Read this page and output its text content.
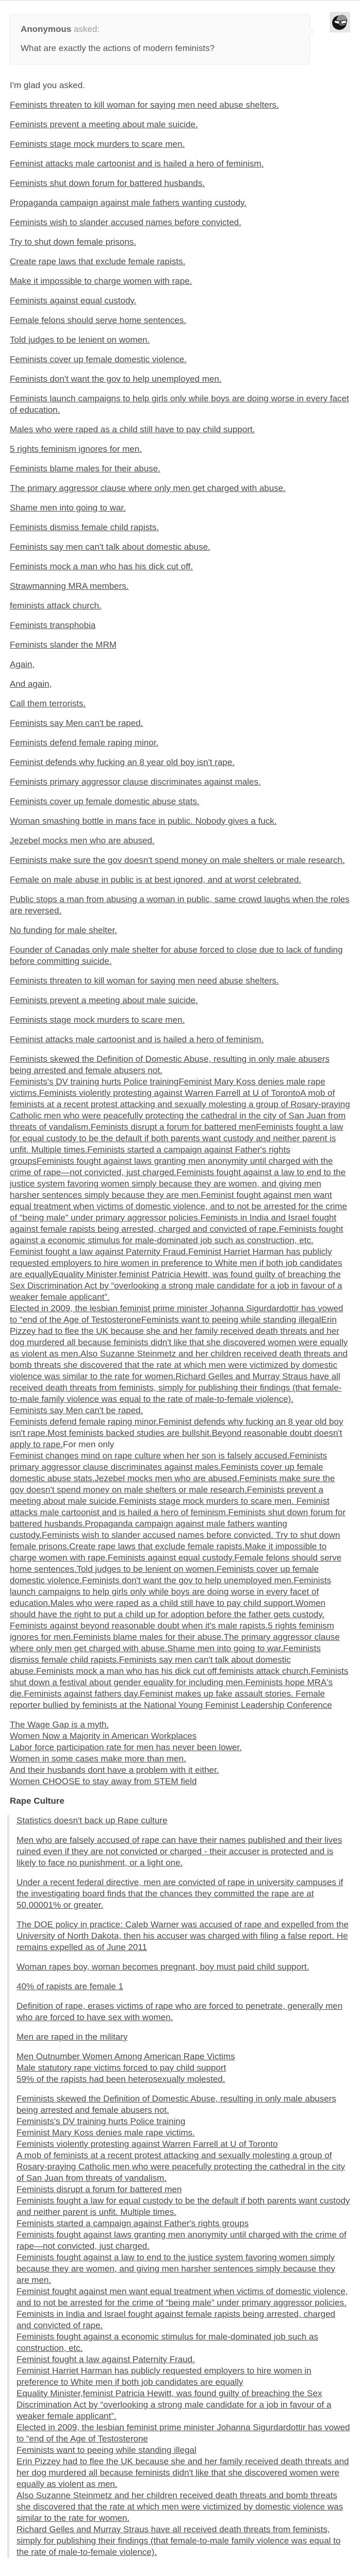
Anonymous asked:

What are exactly the actions of modern feminists?

I'm glad you asked.

Feminists threaten to kill woman for saying men need abuse shelters.

Feminists prevent a meeting about male suicide.

Feminists stage mock murders to scare men.

Feminist attacks male cartoonist and is hailed a hero of feminism.

Feminists shut down forum for battered husbands.

Propaganda campaign against male fathers wanting custody.

Feminists wish to slander accused names before convicted.

Try to shut down female prisons.

Create rape laws that exclude female rapists.

Make it impossible to charge women with rape.

Feminists against equal custody.

Female felons should serve home sentences.

Told judges to be lenient on women.

Feminists cover up female domestic violence.

Feminists don't want the gov to help unemployed men.

Feminists launch campaigns to help girls only while boys are doing worse in every facet of education.

Males who were raped as a child still have to pay child support.

5 rights feminism ignores for men.

Feminists blame males for their abuse.

The primary aggressor clause where only men get charged with abuse.

Shame men into going to war.

Feminists dismiss female child rapists.

Feminists say men can't talk about domestic abuse.

Feminists mock a man who has his dick cut off.

Strawmanning MRA members.

feminists attack church.

Feminists transphobia

Feminists slander the MRM

Again,

And again,

Call them terrorists.

Feminists say Men can't be raped.

Feminists defend female raping minor.

Feminist defends why fucking an 8 year old boy isn't rape.

Feminists primary aggressor clause discriminates against males.

Feminists cover up female domestic abuse stats.

Woman smashing bottle in mans face in public. Nobody gives a fuck.

Jezebel mocks men who are abused.

Feminists make sure the gov doesn't spend money on male shelters or male research.

Female on male abuse in public is at best ignored, and at worst celebrated.

Public stops a man from abusing a woman in public, same crowd laughs when the roles are reversed.

No funding for male shelter.

Founder of Canadas only male shelter for abuse forced to close due to lack of funding before committing suicide.

Feminists threaten to kill woman for saying men need abuse shelters.

Feminists prevent a meeting about male suicide.

Feminists stage mock murders to scare men.

Feminist attacks male cartoonist and is hailed a hero of feminism.

Feminists skewed the Definition of Domestic Abuse, resulting in only male abusers being arrested and female abusers not.
Feminists's DV training hurts Police trainingFeminist Mary Koss denies male rape victims.Feminists violently protesting against Warren Farrell at U of TorontoA mob of feminists at a recent protest attacking and sexually molesting a group of Rosary-praying Catholic men who were peacefully protecting the cathedral in the city of San Juan from threats of vandalism.Feminists disrupt a forum for battered menFeminists fought a law for equal custody to be the default if both parents want custody and neither parent is unfit. Multiple times.Feminists started a campaign against Father's rights groupsFeminists fought against laws granting men anonymity until charged with the crime of rape—not convicted, just charged.Feminists fought against a law to end to the justice system favoring women simply because they are women, and giving men harsher sentences simply because they are men.Feminist fought against men want equal treatment when victims of domestic violence, and to not be arrested for the crime of “being male” under primary aggressor policies.Feminists in India and Israel fought against female rapists being arrested, charged and convicted of rape.Feminists fought against a economic stimulus for male-dominated job such as construction, etc.
Feminist fought a law against Paternity Fraud.Feminist Harriet Harman has publicly requested employers to hire women in preference to White men if both job candidates are equallyEquality Minister,feminist Patricia Hewitt, was found guilty of breaching the Sex Discrimination Act by “overlooking a strong male candidate for a job in favour of a weaker female applicant”.
Elected in 2009, the lesbian feminist prime minister Johanna Sigurdardottir has vowed to “end of the Age of TestosteroneFeminists want to peeing while standing illegalErin Pizzey had to flee the UK because she and her family received death threats and her dog murdered all because feminists didn't like that she discovered women were equally as violent as men.Also Suzanne Steinmetz and her children received death threats and bomb threats she discovered that the rate at which men were victimized by domestic violence was similar to the rate for women.Richard Gelles and Murray Straus have all received death threats from feminists, simply for publishing their findings (that female-to-male family violence was equal to the rate of male-to-female violence).
Feminists say Men can't be raped.
Feminists defend female raping minor.Feminist defends why fucking an 8 year old boy isn't rape.Most feminists backed studies are bullshit.Beyond reasonable doubt doesn't apply to rape.For men only
Feminist changes mind on rape culture when her son is falsely accused.Feminists primary aggressor clause discriminates against males.Feminists cover up female domestic abuse stats.Jezebel mocks men who are abused.Feminists make sure the gov doesn't spend money on male shelters or male research.Feminists prevent a meeting about male suicide.Feminists stage mock murders to scare men. Feminist attacks male cartoonist and is hailed a hero of feminism.Feminists shut down forum for battered husbands.Propaganda campaign against male fathers wanting custody.Feminists wish to slander accused names before convicted. Try to shut down female prisons.Create rape laws that exclude female rapists.Make it impossible to charge women with rape.Feminists against equal custody.Female felons should serve home sentences.Told judges to be lenient on women.Feminists cover up female domestic violence.Feminists don't want the gov to help unemployed men.Feminists launch campaigns to help girls only while boys are doing worse in every facet of education.Males who were raped as a child still have to pay child support.Women should have the right to put a child up for adoption before the father gets custody.
Feminists against beyond reasonable doubt when it's male rapists.5 rights feminism ignores for men.Feminists blame males for their abuse.The primary aggressor clause where only men get charged with abuse.Shame men into going to war.Feminists dismiss female child rapists.Feminists say men can't talk about domestic abuse.Feminists mock a man who has his dick cut off.feminists attack church.Feminists shut down a festival about gender equality for including men.Feminists hope MRA's die.Feminists against fathers day.Feminist makes up fake assault stories. Female reporter bullied by feminists at the National Young Feminist Leadership Conference

The Wage Gap is a myth.
Women Now a Majority in American Workplaces
Labor force participation rate for men has never been lower.
Women in some cases make more than men.
And their husbands dont have a problem with it either.
Women CHOOSE to stay away from STEM field

Rape Culture

Statistics doesn't back up Rape culture

Men who are falsely accused of rape can have their names published and their lives ruined even if they are not convicted or charged - their accuser is protected and is likely to face no punishment, or a light one.

Under a recent federal directive, men are convicted of rape in university campuses if the investigating board finds that the chances they committed the rape are at 50.00001% or greater.

The DOE policy in practice: Caleb Warner was accused of rape and expelled from the University of North Dakota, then his accuser was charged with filing a false report. He remains expelled as of June 2011

Woman rapes boy, woman becomes pregnant, boy must paid child support.

40% of rapists are female 1

Definition of rape, erases victims of rape who are forced to penetrate, generally men who are forced to have sex with women.

Men are raped in the military

Men Outnumber Women Among American Rape Victims
Male statutory rape victims forced to pay child support
59% of the rapists had been heterosexually molested.

Feminists skewed the Definition of Domestic Abuse, resulting in only male abusers being arrested and female abusers not.
Feminists's DV training hurts Police training
Feminist Mary Koss denies male rape victims.
Feminists violently protesting against Warren Farrell at U of Toronto
A mob of feminists at a recent protest attacking and sexually molesting a group of Rosary-praying Catholic men who were peacefully protecting the cathedral in the city of San Juan from threats of vandalism.
Feminists disrupt a forum for battered men
Feminists fought a law for equal custody to be the default if both parents want custody and neither parent is unfit. Multiple times.
Feminists started a campaign against Father's rights groups
Feminists fought against laws granting men anonymity until charged with the crime of rape—not convicted, just charged.
Feminists fought against a law to end to the justice system favoring women simply because they are women, and giving men harsher sentences simply because they are men.
Feminist fought against men want equal treatment when victims of domestic violence, and to not be arrested for the crime of “being male” under primary aggressor policies.
Feminists in India and Israel fought against female rapists being arrested, charged and convicted of rape.
Feminists fought against a economic stimulus for male-dominated job such as construction, etc.
Feminist fought a law against Paternity Fraud.
Feminist Harriet Harman has publicly requested employers to hire women in preference to White men if both job candidates are equally
Equality Minister,feminist Patricia Hewitt, was found guilty of breaching the Sex Discrimination Act by “overlooking a strong male candidate for a job in favour of a weaker female applicant”.
Elected in 2009, the lesbian feminist prime minister Johanna Sigurdardottir has vowed to “end of the Age of Testosterone
Feminists want to peeing while standing illegal
Erin Pizzey had to flee the UK because she and her family received death threats and her dog murdered all because feminists didn't like that she discovered women were equally as violent as men.
Also Suzanne Steinmetz and her children received death threats and bomb threats she discovered that the rate at which men were victimized by domestic violence was similar to the rate for women.
Richard Gelles and Murray Straus have all received death threats from feminists, simply for publishing their findings (that female-to-male family violence was equal to the rate of male-to-female violence).
